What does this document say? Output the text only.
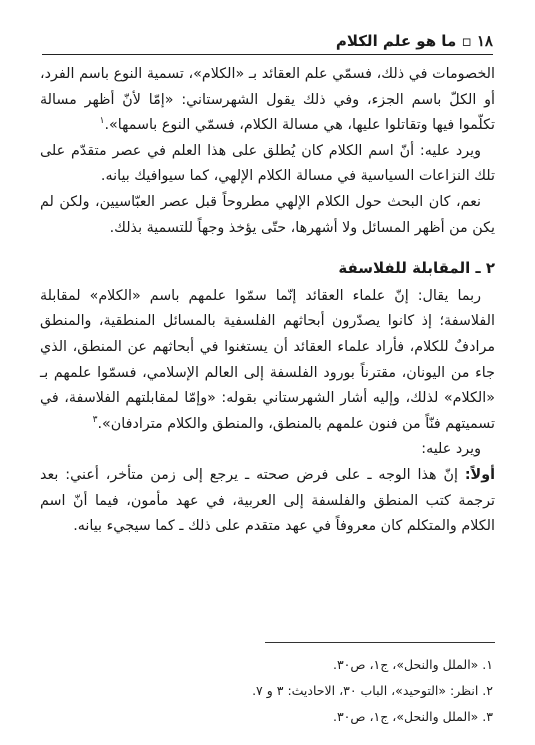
١٨ ▫ ما هو علم الكلام

الخصومات في ذلك، فسمّي علم العقائد بـ «الكلام»، تسمية النوع باسم الفرد، أو الكلّ باسم الجزء، وفي ذلك يقول الشهرستاني: «إمّا لأنّ أظهر مسالة تكلّموا فيها وتقاتلوا عليها، هي مسالة الكلام، فسمّي النوع باسمها».$^١$

ويرد عليه: أنّ اسم الكلام كان يُطلق على هذا العلم في عصر متقدّم على تلك النزاعات السياسية في مسالة الكلام الإلهي، كما سيوافيك بيانه.

نعم، كان البحث حول الكلام الإلهي مطروحاً قبل عصر العبّاسيين، ولكن لم يكن من أظهر المسائل ولا أشهرها، حتّى يؤخذ وجهاً للتسمية بذلك.

٢ ـ المقابلة للفلاسفة

ربما يقال: إنّ علماء العقائد إنّما سمّوا علمهم باسم «الكلام» لمقابلة الفلاسفة؛ إذ كانوا يصدّرون أبحاثهم الفلسفية بالمسائل المنطقية، والمنطق مرادفٌ للكلام، فأراد علماء العقائد أن يستغنوا في أبحاثهم عن المنطق، الذي جاء من اليونان، مقترناً بورود الفلسفة إلى العالم الإسلامي، فسمّوا علمهم بـ «الكلام» لذلك، وإليه أشار الشهرستاني بقوله: «وإمّا لمقابلتهم الفلاسفة، في تسميتهم فنّاً من فنون علمهم بالمنطق، والمنطق والكلام مترادفان».$^٣$

ويرد عليه:

أولاً: إنّ هذا الوجه ـ على فرض صحته ـ يرجع إلى زمن متأخر، أعني: بعد ترجمة كتب المنطق والفلسفة إلى العربية، في عهد مأمون، فيما أنّ اسم الكلام والمتكلم كان معروفاً في عهد متقدم على ذلك ـ كما سيجيء بيانه.

١. «الملل والنحل»، ج١، ص٣٠.
٢. انظر: «التوحيد»، الباب ٣٠، الاحاديث: ٣ و ٧.
٣. «الملل والنحل»، ج١، ص٣٠.
